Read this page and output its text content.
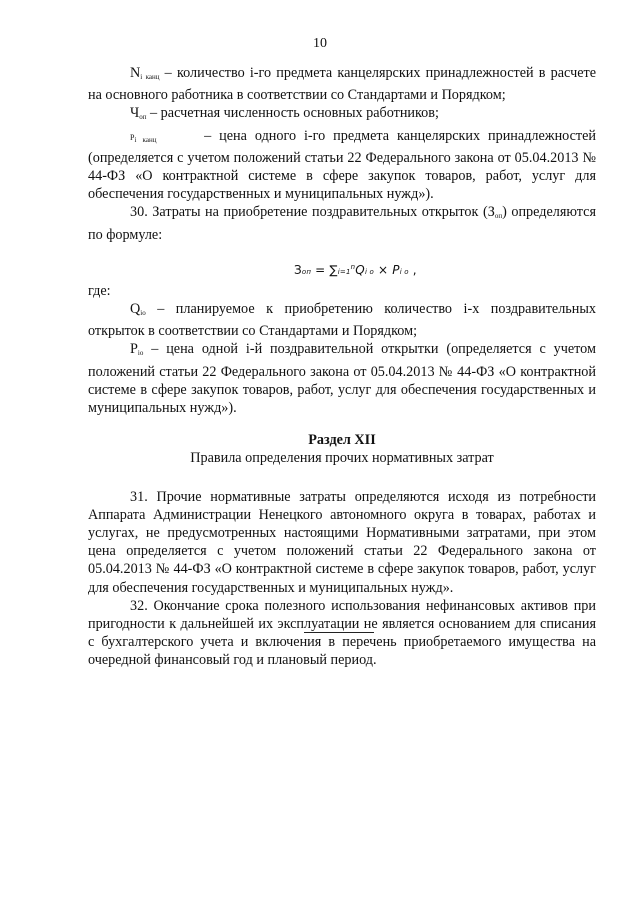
10

$N_{i канц}$ – количество i-го предмета канцелярских принадлежностей в расчете на основного работника в соответствии со Стандартами и Порядком;

$Ч_{оп}$ – расчетная численность основных работников;

$P_{i канц}$	– цена одного i-го предмета канцелярских принадлежностей (определяется с учетом положений статьи 22 Федерального закона от 05.04.2013 № 44-ФЗ «О контрактной системе в сфере закупок товаров, работ, услуг для обеспечения государственных и муниципальных нужд»).

30. Затраты на приобретение поздравительных открыток $(З_{оп})$ определяются по формуле:

Зоп = $\sum i=1^nQi$ о × Pi о ,

где:

$Q_{io}$ – планируемое к приобретению количество i-х поздравительных открыток в соответствии со Стандартами и Порядком;

$P_{io}$ – цена одной i-й поздравительной открытки (определяется с учетом положений статьи 22 Федерального закона от 05.04.2013 № 44-ФЗ «О контрактной системе в сфере закупок товаров, работ, услуг для обеспечения государственных и муниципальных нужд»).

Раздел XII

Правила определения прочих нормативных затрат

31. Прочие нормативные затраты определяются исходя из потребности Аппарата Администрации Ненецкого автономного округа в товарах, работах и услугах, не предусмотренных настоящими Нормативными затратами, при этом цена определяется с учетом положений статьи 22 Федерального закона от 05.04.2013 № 44-ФЗ «О контрактной системе в сфере закупок товаров, работ, услуг для обеспечения государственных и муниципальных нужд».

32. Окончание срока полезного использования нефинансовых активов при пригодности к дальнейшей их эксплуатации не является основанием для списания с бухгалтерского учета и включения в перечень приобретаемого имущества на очередной финансовый год и плановый период.
